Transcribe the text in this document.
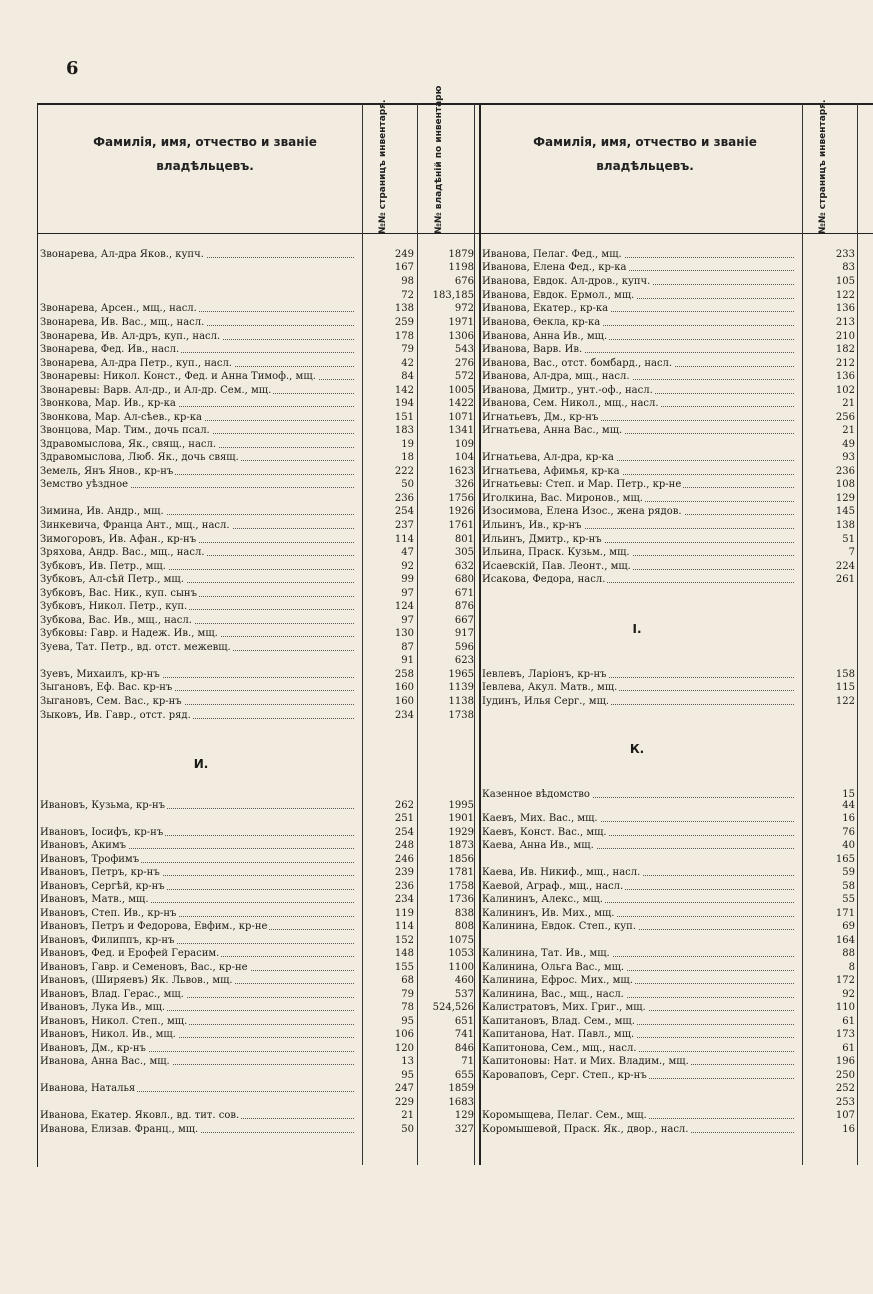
6
Фамилія, имя, отчество и званіе владѣльцевъ.	№№ страницъ инвентаря.	№№ владѣній по инвентарю	Фамилія, имя, отчество и званіе владѣльцевъ.	№№ страницъ инвентаря.
И.
І.
К.
Звонарева, Ал-дра Яков., купч.	249	1879
167	1198
98	676
72	183,185
Звонарева, Арсен., мщ., насл.	138	972
Звонарева, Ив. Вас., мщ., насл.	259	1971
Звонарева, Ив. Ал-дръ, куп., насл.	178	1306
Звонарева, Фед. Ив., насл.	79	543
Звонарева, Ал-дра Петр., куп., насл.	42	276
Звонаревы: Никол. Конст., Фед. и Анна Тимоф., мщ.	84	572
Звонаревы: Варв. Ал-др., и Ал-др. Сем., мщ.	142	1005
Звонкова, Мар. Ив., кр-ка	194	1422
Звонкова, Мар. Ал-сѣев., кр-ка	151	1071
Звонцова, Мар. Тим., дочь псал.	183	1341
Здравомыслова, Як., свящ., насл.	19	109
Здравомыслова, Люб. Як., дочь свящ.	18	104
Земель, Янъ Янов., кр-нъ	222	1623
Земство уѣздное	50	326
236	1756
Зимина, Ив. Андр., мщ.	254	1926
Зинкевича, Франца Ант., мщ., насл.	237	1761
Зимогоровъ, Ив. Афан., кр-нъ	114	801
Зряхова, Андр. Вас., мщ., насл.	47	305
Зубковъ, Ив. Петр., мщ.	92	632
Зубковъ, Ал-сѣй Петр., мщ.	99	680
Зубковъ, Вас. Ник., куп. сынъ	97	671
Зубковъ, Никол. Петр., куп.	124	876
Зубкова, Вас. Ив., мщ., насл.	97	667
Зубковы: Гавр. и Надеж. Ив., мщ.	130	917
Зуева, Тат. Петр., вд. отст. межевщ.	87	596
91	623
Зуевъ, Михаилъ, кр-нъ	258	1965
Зыгановъ, Еф. Вас. кр-нъ	160	1139
Зыгановъ, Сем. Вас., кр-нъ	160	1138
Зыковъ, Ив. Гавр., отст. ряд.	234	1738
Ивановъ, Кузьма, кр-нъ	262	1995
251	1901
Ивановъ, Іосифъ, кр-нъ	254	1929
Ивановъ, Акимъ	248	1873
Ивановъ, Трофимъ	246	1856
Ивановъ, Петръ, кр-нъ	239	1781
Ивановъ, Сергѣй, кр-нъ	236	1758
Ивановъ, Матв., мщ.	234	1736
Ивановъ, Степ. Ив., кр-нъ	119	838
Ивановъ, Петръ и Федорова, Евфим., кр-не	114	808
Ивановъ, Филиппъ, кр-нъ	152	1075
Ивановъ, Фед. и Ерофей Герасим.	148	1053
Ивановъ, Гавр. и Семеновъ, Вас., кр-не	155	1100
Ивановъ, (Ширяевъ) Як. Львов., мщ.	68	460
Ивановъ, Влад. Герас., мщ.	79	537
Ивановъ, Лука Ив., мщ.	78	524,526
Ивановъ, Никол. Степ., мщ.	95	651
Ивановъ, Никол. Ив., мщ.	106	741
Ивановъ, Дм., кр-нъ	120	846
Иванова, Анна Вас., мщ.	13	71
95	655
Иванова, Наталья	247	1859
229	1683
Иванова, Екатер. Яковл., вд. тит. сов.	21	129
Иванова, Елизав. Франц., мщ.	50	327
Иванова, Пелаг. Фед., мщ.	233
Иванова, Елена Фед., кр-ка	83
Иванова, Евдок. Ал-дров., купч.	105
Иванова, Евдок. Ермол., мщ.	122
Иванова, Екатер., кр-ка	136
Иванова, Ѳекла, кр-ка	213
Иванова, Анна Ив., мщ.	210
Иванова, Варв. Ив.	182
Иванова, Вас., отст. бомбард., насл.	212
Иванова, Ал-дра, мщ., насл.	136
Иванова, Дмитр., унт.-оф., насл.	102
Иванова, Сем. Никол., мщ., насл.	21
Игнатьевъ, Дм., кр-нъ	256
Игнатьева, Анна Вас., мщ.	21
49
Игнатьева, Ал-дра, кр-ка	93
Игнатьева, Афимья, кр-ка	236
Игнатьевы: Степ. и Мар. Петр., кр-не	108
Иголкина, Вас. Миронов., мщ.	129
Изосимова, Елена Изос., жена рядов.	145
Ильинъ, Ив., кр-нъ	138
Ильинъ, Дмитр., кр-нъ	51
Ильина, Праск. Кузьм., мщ.	7
Исаевскій, Пав. Леонт., мщ.	224
Исакова, Федора, насл.	261
Іевлевъ, Ларіонъ, кр-нъ	158
Іевлева, Акул. Матв., мщ.	115
Іудинъ, Илья Серг., мщ.	122
Казенное вѣдомство	15
44
Каевъ, Мих. Вас., мщ.	16
Каевъ, Конст. Вас., мщ.	76
Каева, Анна Ив., мщ.	40
165
Каева, Ив. Никиф., мщ., насл.	59
Каевой, Аграф., мщ., насл.	58
Калининъ, Алекс., мщ.	55
Калининъ, Ив. Мих., мщ.	171
Калинина, Евдок. Степ., куп.	69
164
Калинина, Тат. Ив., мщ.	88
Калинина, Ольга Вас., мщ.	8
Калинина, Ефрос. Мих., мщ.	172
Калинина, Вас., мщ., насл.	92
Калистратовъ, Мих. Григ., мщ.	110
Капитановъ, Влад. Сем., мщ.	61
Капитанова, Нат. Павл., мщ.	173
Капитонова, Сем., мщ., насл.	61
Капитоновы: Нат. и Мих. Владим., мщ.	196
Кароваповъ, Серг. Степ., кр-нъ	250
252
253
Коромыщева, Пелаг. Сем., мщ.	107
Коромышевой, Праск. Як., двор., насл.	16
